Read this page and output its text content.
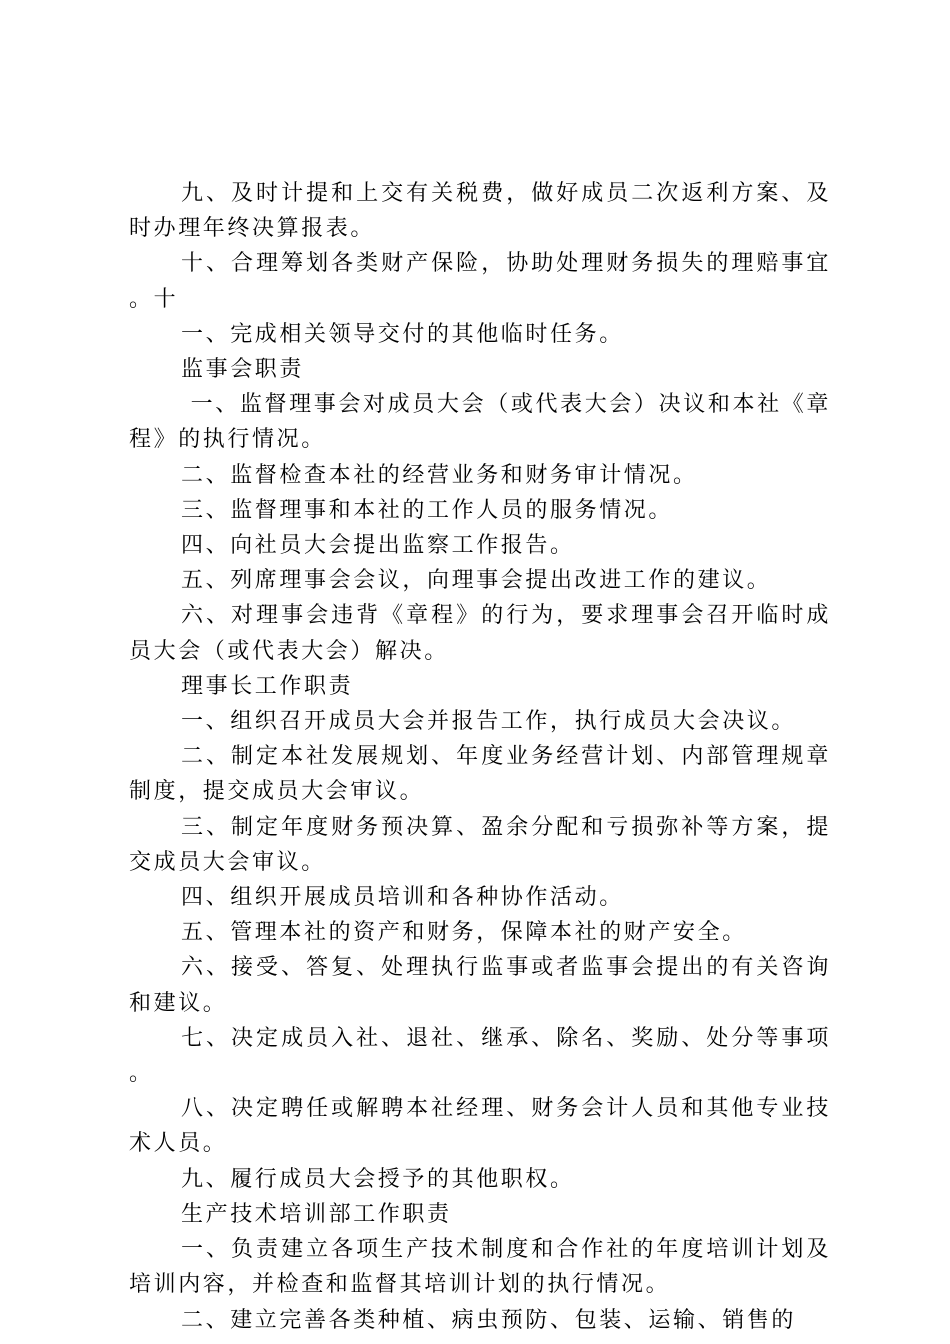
九、及时计提和上交有关税费，做好成员二次返利方案、及时办理年终决算报表。

十、合理筹划各类财产保险，协助处理财务损失的理赔事宜。十

一、完成相关领导交付的其他临时任务。

监事会职责

一、监督理事会对成员大会（或代表大会）决议和本社《章程》的执行情况。

二、监督检查本社的经营业务和财务审计情况。

三、监督理事和本社的工作人员的服务情况。

四、向社员大会提出监察工作报告。

五、列席理事会会议，向理事会提出改进工作的建议。

六、对理事会违背《章程》的行为，要求理事会召开临时成员大会（或代表大会）解决。

理事长工作职责

一、组织召开成员大会并报告工作，执行成员大会决议。

二、制定本社发展规划、年度业务经营计划、内部管理规章制度，提交成员大会审议。

三、制定年度财务预决算、盈余分配和亏损弥补等方案，提交成员大会审议。

四、组织开展成员培训和各种协作活动。

五、管理本社的资产和财务，保障本社的财产安全。

六、接受、答复、处理执行监事或者监事会提出的有关咨询和建议。

七、决定成员入社、退社、继承、除名、奖励、处分等事项。

八、决定聘任或解聘本社经理、财务会计人员和其他专业技术人员。

九、履行成员大会授予的其他职权。

生产技术培训部工作职责

一、负责建立各项生产技术制度和合作社的年度培训计划及培训内容，并检查和监督其培训计划的执行情况。

二、建立完善各类种植、病虫预防、包装、运输、销售的
